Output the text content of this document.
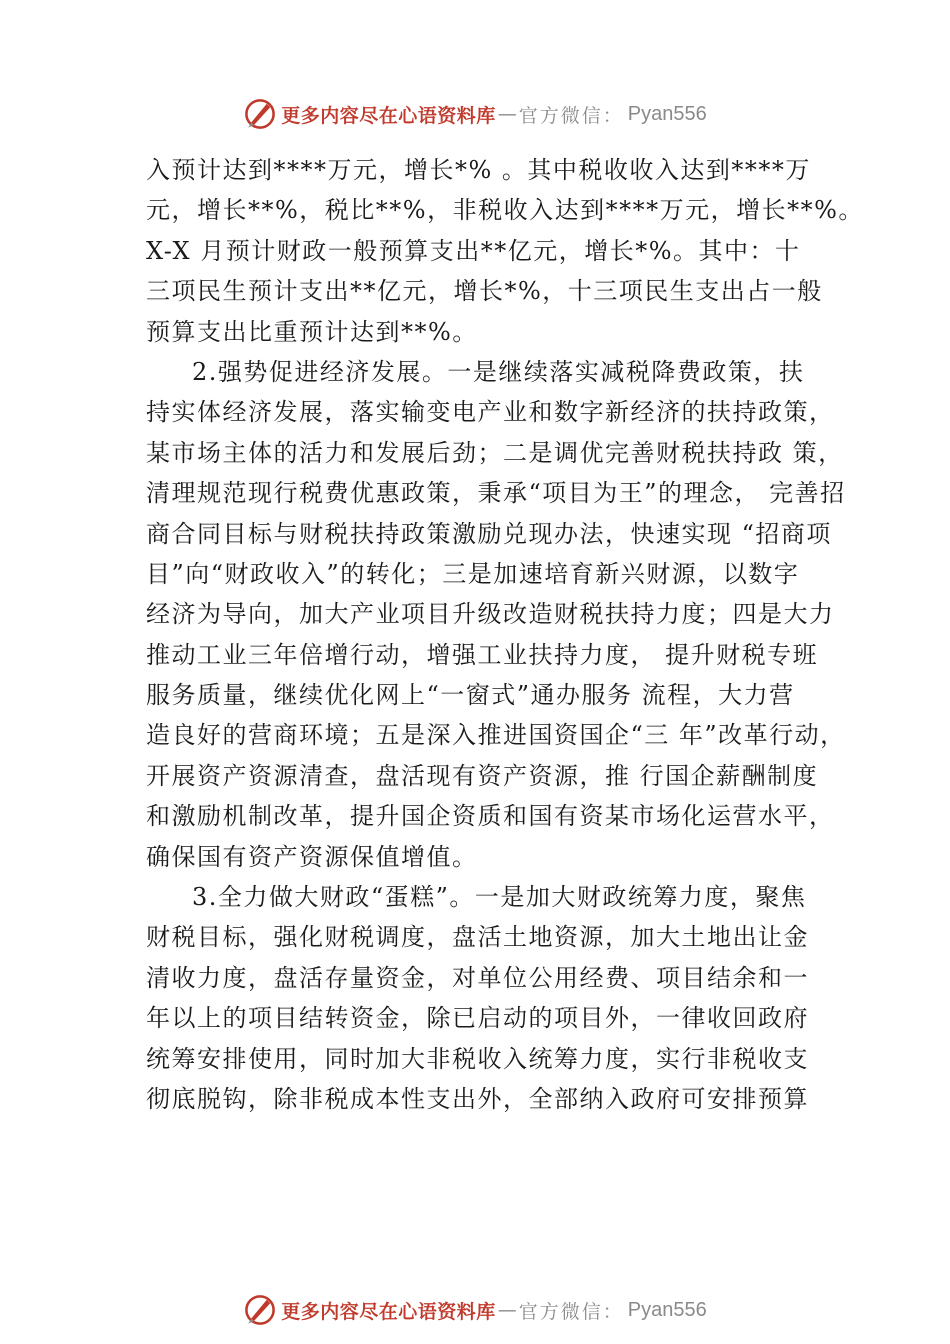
更多内容尽在心语资料库 — 官方微信： Pyan556
入预计达到****万元，增长*% 。其中税收收入达到****万
元，增长**%，税比**%，非税收入达到****万元，增长**%。
X-X 月预计财政一般预算支出**亿元，增长*%。其中：十
三项民生预计支出**亿元，增长*%，十三项民生支出占一般
预算支出比重预计达到**%。
2.强势促进经济发展。一是继续落实减税降费政策，扶
持实体经济发展，落实输变电产业和数字新经济的扶持政策，
某市场主体的活力和发展后劲；二是调优完善财税扶持政 策，
清理规范现行税费优惠政策，秉承“项目为王”的理念， 完善招
商合同目标与财税扶持政策激励兑现办法，快速实现 “招商项
目”向“财政收入”的转化；三是加速培育新兴财源，以数字
经济为导向，加大产业项目升级改造财税扶持力度；四是大力
推动工业三年倍增行动，增强工业扶持力度， 提升财税专班
服务质量，继续优化网上“一窗式”通办服务 流程，大力营
造良好的营商环境；五是深入推进国资国企“三 年”改革行动，
开展资产资源清查，盘活现有资产资源，推 行国企薪酬制度
和激励机制改革，提升国企资质和国有资某市场化运营水平，
确保国有资产资源保值增值。
3.全力做大财政“蛋糕”。一是加大财政统筹力度，聚焦
财税目标，强化财税调度，盘活土地资源，加大土地出让金
清收力度，盘活存量资金，对单位公用经费、项目结余和一
年以上的项目结转资金，除已启动的项目外，一律收回政府
统筹安排使用，同时加大非税收入统筹力度，实行非税收支
彻底脱钩，除非税成本性支出外，全部纳入政府可安排预算
更多内容尽在心语资料库 — 官方微信： Pyan556
